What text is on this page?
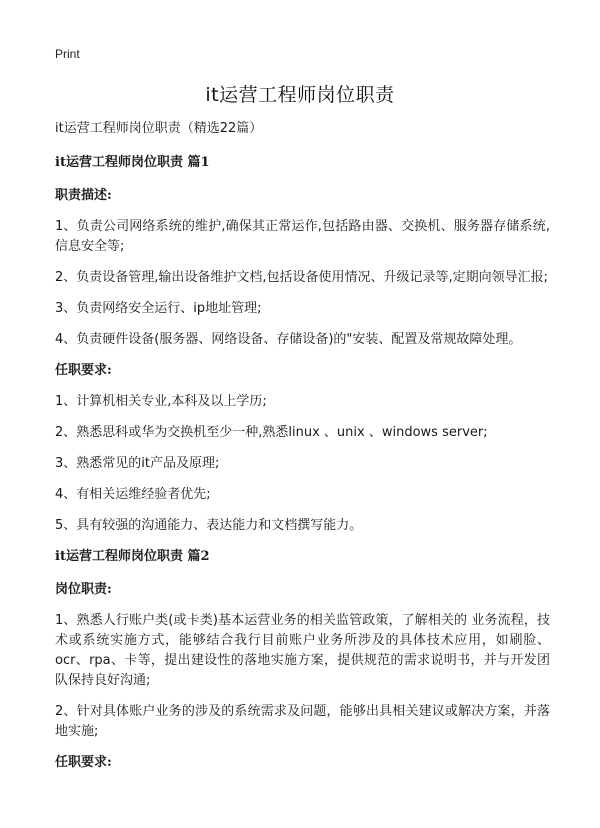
Print
it运营工程师岗位职责
it运营工程师岗位职责（精选22篇）
it运营工程师岗位职责 篇1
职责描述:
1、负责公司网络系统的维护,确保其正常运作,包括路由器、交换机、服务器存储系统,信息安全等;
2、负责设备管理,输出设备维护文档,包括设备使用情况、升级记录等,定期向领导汇报;
3、负责网络安全运行、ip地址管理;
4、负责硬件设备(服务器、网络设备、存储设备)的"安装、配置及常规故障处理。
任职要求:
1、计算机相关专业,本科及以上学历;
2、熟悉思科或华为交换机至少一种,熟悉linux 、unix 、windows server;
3、熟悉常见的it产品及原理;
4、有相关运维经验者优先;
5、具有较强的沟通能力、表达能力和文档撰写能力。
it运营工程师岗位职责 篇2
岗位职责:
1、熟悉人行账户类(或卡类)基本运营业务的相关监管政策，了解相关的 业务流程，技术或系统实施方式，能够结合我行目前账户业务所涉及的具体技术应用，如刷脸、ocr、rpa、卡等，提出建设性的落地实施方案，提供规范的需求说明书，并与开发团队保持良好沟通;
2、针对具体账户业务的涉及的系统需求及问题，能够出具相关建议或解决方案，并落地实施;
任职要求:
